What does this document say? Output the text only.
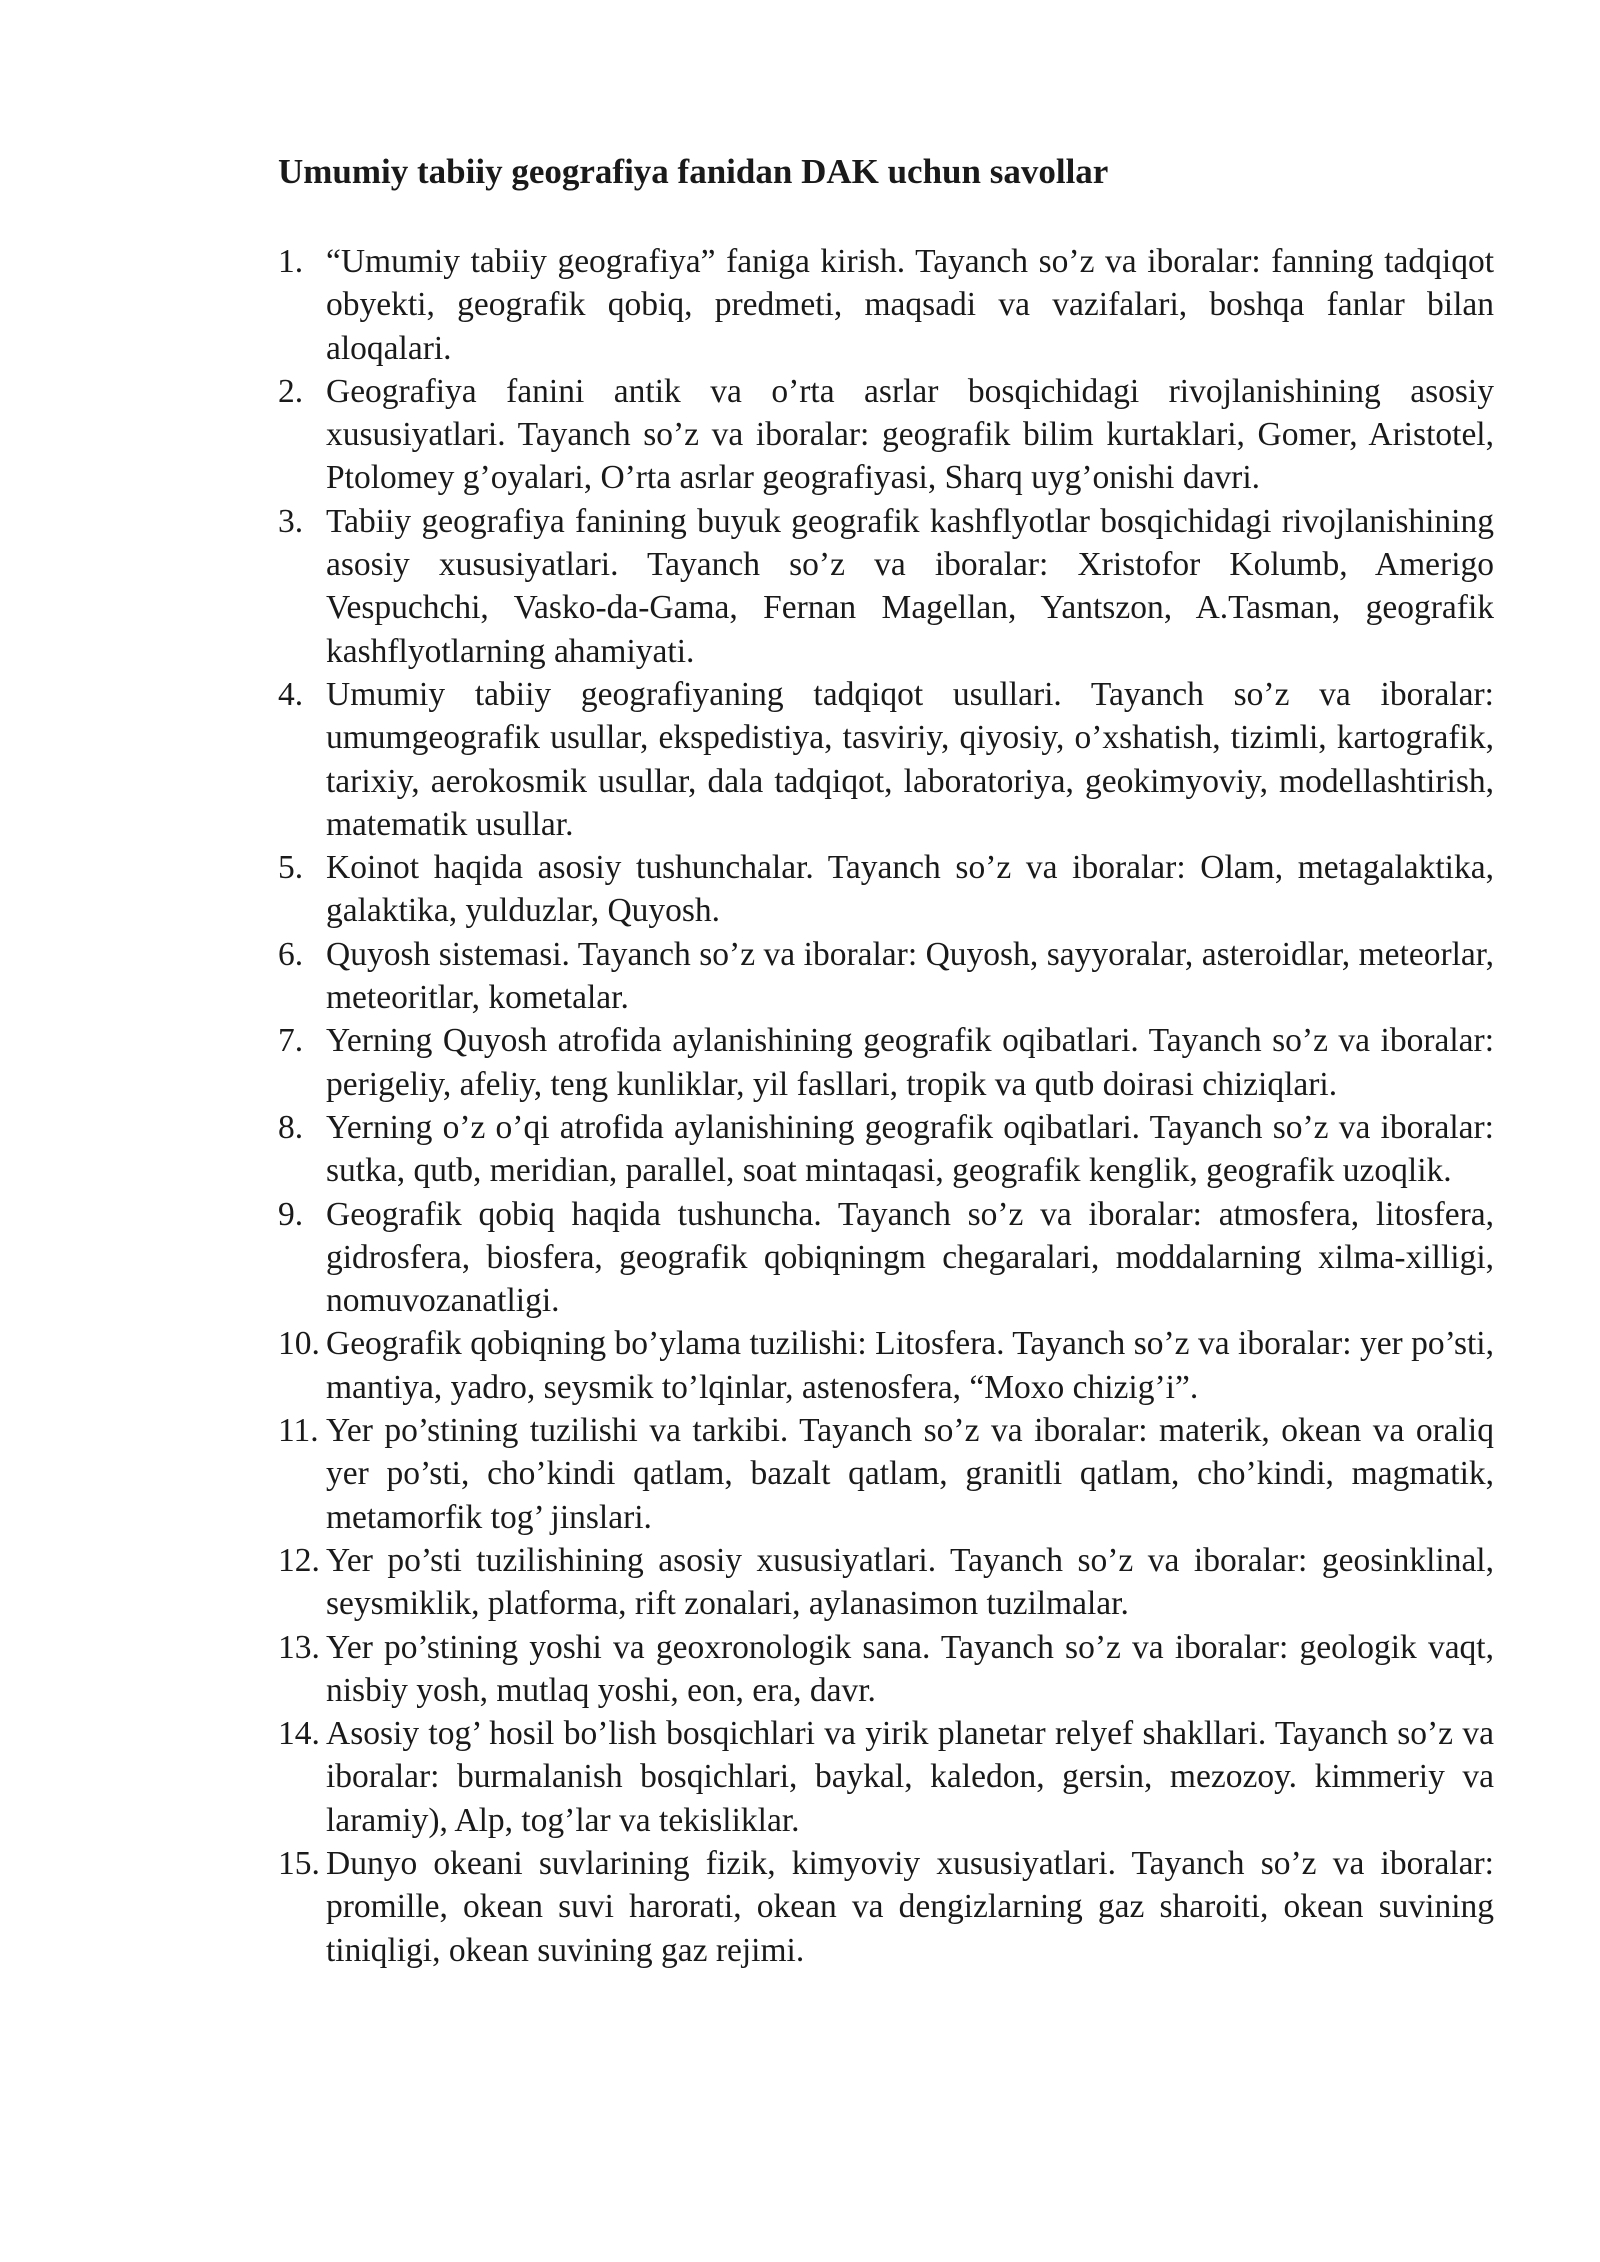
Umumiy tabiiy geografiya fanidan DAK uchun savollar
1. “Umumiy tabiiy geografiya” faniga kirish. Tayanch so’z va iboralar: fanning tadqiqot obyekti, geografik qobiq, predmeti, maqsadi va vazifalari, boshqa fanlar bilan aloqalari.
2. Geografiya fanini antik va o’rta asrlar bosqichidagi rivojlanishining asosiy xususiyatlari. Tayanch so’z va iboralar: geografik bilim kurtaklari, Gomer, Aristotel, Ptolomey g’oyalari, O’rta asrlar geografiyasi, Sharq uyg’onishi davri.
3. Tabiiy geografiya fanining buyuk geografik kashflyotlar bosqichidagi rivojlanishining asosiy xususiyatlari. Tayanch so’z va iboralar: Xristofor Kolumb, Amerigo Vespuchchi, Vasko-da-Gama, Fernan Magellan, Yantszon, A.Tasman, geografik kashflyotlarning ahamiyati.
4. Umumiy tabiiy geografiyaning tadqiqot usullari. Tayanch so’z va iboralar: umumgeografik usullar, ekspedistiya, tasviriy, qiyosiy, o’xshatish, tizimli, kartografik, tarixiy, aerokosmik usullar, dala tadqiqot, laboratoriya, geokimyoviy, modellashtirish, matematik usullar.
5. Koinot haqida asosiy tushunchalar. Tayanch so’z va iboralar: Olam, metagalaktika, galaktika, yulduzlar, Quyosh.
6. Quyosh sistemasi. Tayanch so’z va iboralar: Quyosh, sayyoralar, asteroidlar, meteorlar, meteoritlar, kometalar.
7. Yerning Quyosh atrofida aylanishining geografik oqibatlari. Tayanch so’z va iboralar: perigeliy, afeliy, teng kunliklar, yil fasllari, tropik va qutb doirasi chiziqlari.
8. Yerning o’z o’qi atrofida aylanishining geografik oqibatlari. Tayanch so’z va iboralar: sutka, qutb, meridian, parallel, soat mintaqasi, geografik kenglik, geografik uzoqlik.
9. Geografik qobiq haqida tushuncha. Tayanch so’z va iboralar: atmosfera, litosfera, gidrosfera, biosfera, geografik qobiqningm chegaralari, moddalarning xilma-xilligi, nomuvozanatligi.
10. Geografik qobiqning bo’ylama tuzilishi: Litosfera. Tayanch so’z va iboralar: yer po’sti, mantiya, yadro, seysmik to’lqinlar, astenosfera, “Moxo chizig’i”.
11. Yer po’stining tuzilishi va tarkibi. Tayanch so’z va iboralar: materik, okean va oraliq yer po’sti, cho’kindi qatlam, bazalt qatlam, granitli qatlam, cho’kindi, magmatik, metamorfik tog’ jinslari.
12. Yer po’sti tuzilishining asosiy xususiyatlari. Tayanch so’z va iboralar: geosinklinal, seysmiklik, platforma, rift zonalari, aylanasimon tuzilmalar.
13. Yer po’stining yoshi va geoxronologik sana. Tayanch so’z va iboralar: geologik vaqt, nisbiy yosh, mutlaq yoshi, eon, era, davr.
14. Asosiy tog’ hosil bo’lish bosqichlari va yirik planetar relyef shakllari. Tayanch so’z va iboralar: burmalanish bosqichlari, baykal, kaledon, gersin, mezozoy. kimmeriy va laramiy), Alp, tog’lar va tekisliklar.
15. Dunyo okeani suvlarining fizik, kimyoviy xususiyatlari. Tayanch so’z va iboralar: promille, okean suvi harorati, okean va dengizlarning gaz sharoiti, okean suvining tiniqligi, okean suvining gaz rejimi.
